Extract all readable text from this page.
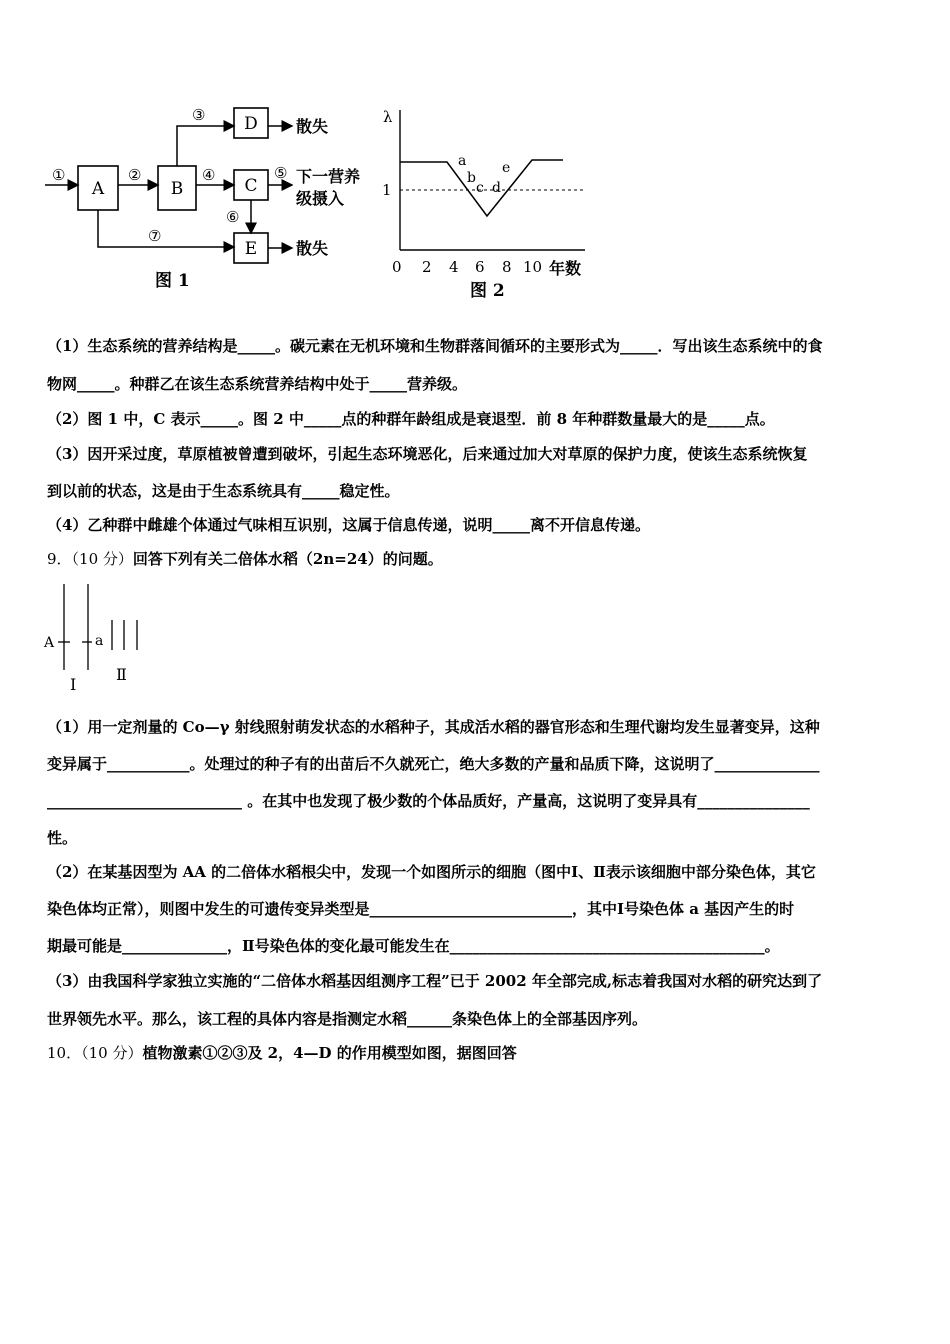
A	B	C
D
E
①	②
③
④	⑤
⑥
⑦
散失
下一营养
级摄入
散失
图 1
λ
1
a
b
c d
e
0 2 4 6 8 10 年数
图 2
（1）生态系统的营养结构是_____。碳元素在无机环境和生物群落间循环的主要形式为_____．写出该生态系统中的食
物网_____。种群乙在该生态系统营养结构中处于_____营养级。
（2）图 1 中，C 表示_____。图 2 中_____点的种群年龄组成是衰退型．前 8 年种群数量最大的是_____点。
（3）因开采过度，草原植被曾遭到破坏，引起生态环境恶化，后来通过加大对草原的保护力度，使该生态系统恢复
到以前的状态，这是由于生态系统具有_____稳定性。
（4）乙种群中雌雄个体通过气味相互识别，这属于信息传递，说明_____离不开信息传递。
9．（10 分）回答下列有关二倍体水稻（2n=24）的问题。
A	a
Ⅰ
Ⅱ
（1）用一定剂量的 Co—γ 射线照射萌发状态的水稻种子，其成活水稻的器官形态和生理代谢均发生显著变异，这种
变异属于___________。处理过的种子有的出苗后不久就死亡，绝大多数的产量和品质下降，这说明了______________
__________________________ 。在其中也发现了极少数的个体品质好，产量高，这说明了变异具有_______________
性。
（2）在某基因型为 AA 的二倍体水稻根尖中，发现一个如图所示的细胞（图中Ⅰ、Ⅱ表示该细胞中部分染色体，其它
染色体均正常），则图中发生的可遗传变异类型是___________________________，其中Ⅰ号染色体 a 基因产生的时
期最可能是______________，Ⅱ号染色体的变化最可能发生在__________________________________________。
（3）由我国科学家独立实施的“二倍体水稻基因组测序工程”已于 2002 年全部完成,标志着我国对水稻的研究达到了
世界领先水平。那么，该工程的具体内容是指测定水稻______条染色体上的全部基因序列。
10．（10 分）植物激素①②③及 2，4—D 的作用模型如图，据图回答
